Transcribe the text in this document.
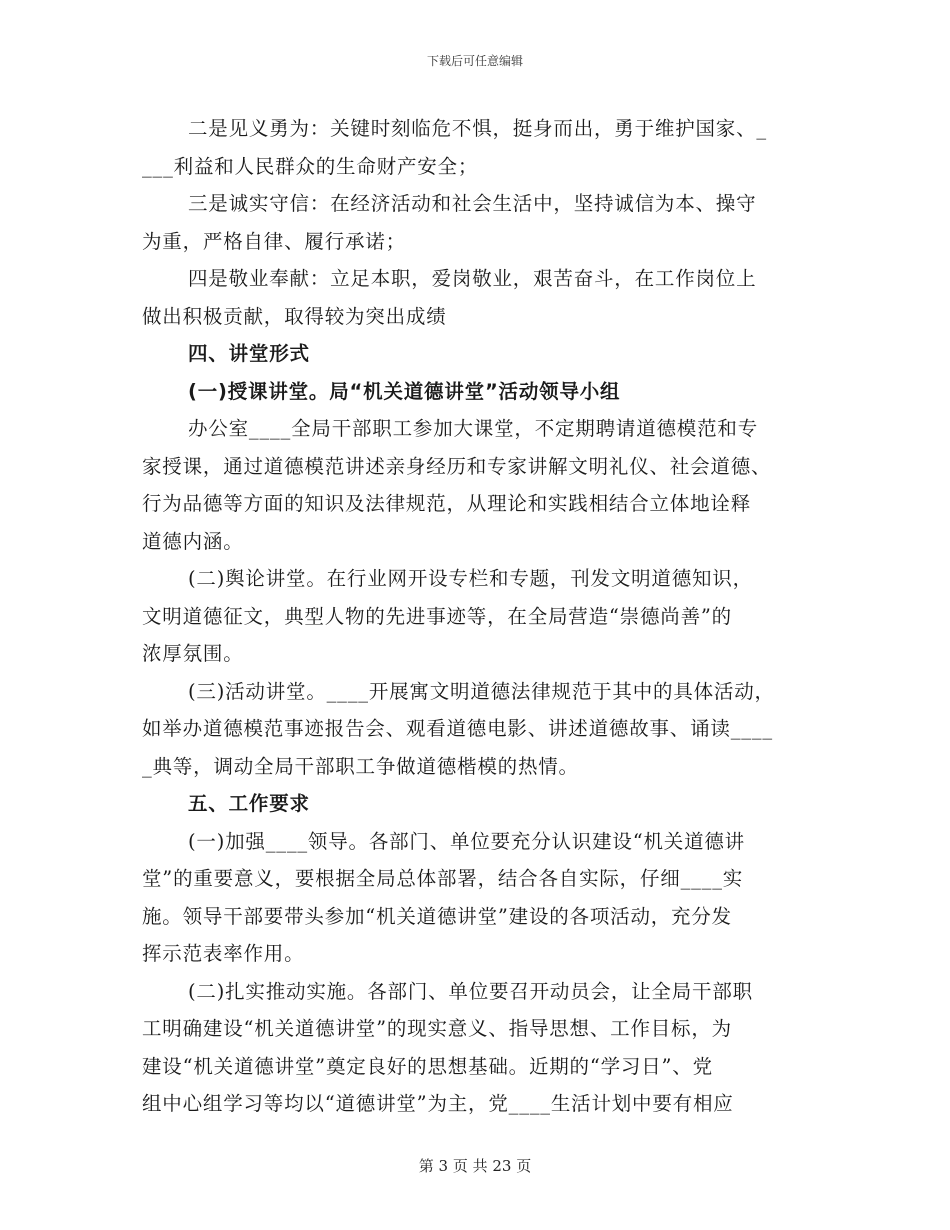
下载后可任意编辑
二是见义勇为：关键时刻临危不惧，挺身而出，勇于维护国家、_
___利益和人民群众的生命财产安全；
三是诚实守信：在经济活动和社会生活中，坚持诚信为本、操守
为重，严格自律、履行承诺；
四是敬业奉献：立足本职，爱岗敬业，艰苦奋斗，在工作岗位上
做出积极贡献，取得较为突出成绩
四、讲堂形式
(一)授课讲堂。局“机关道德讲堂”活动领导小组
办公室____全局干部职工参加大课堂，不定期聘请道德模范和专
家授课，通过道德模范讲述亲身经历和专家讲解文明礼仪、社会道德、
行为品德等方面的知识及法律规范，从理论和实践相结合立体地诠释
道德内涵。
(二)舆论讲堂。在行业网开设专栏和专题，刊发文明道德知识，
文明道德征文，典型人物的先进事迹等，在全局营造“崇德尚善”的
浓厚氛围。
(三)活动讲堂。____开展寓文明道德法律规范于其中的具体活动，
如举办道德模范事迹报告会、观看道德电影、讲述道德故事、诵读____
_典等，调动全局干部职工争做道德楷模的热情。
五、工作要求
(一)加强____领导。各部门、单位要充分认识建设“机关道德讲
堂”的重要意义，要根据全局总体部署，结合各自实际，仔细____实
施。领导干部要带头参加“机关道德讲堂”建设的各项活动，充分发
挥示范表率作用。
(二)扎实推动实施。各部门、单位要召开动员会，让全局干部职
工明确建设“机关道德讲堂”的现实意义、指导思想、工作目标，为
建设“机关道德讲堂”奠定良好的思想基础。近期的“学习日”、党
组中心组学习等均以“道德讲堂”为主，党____生活计划中要有相应
第 3 页 共 23 页
